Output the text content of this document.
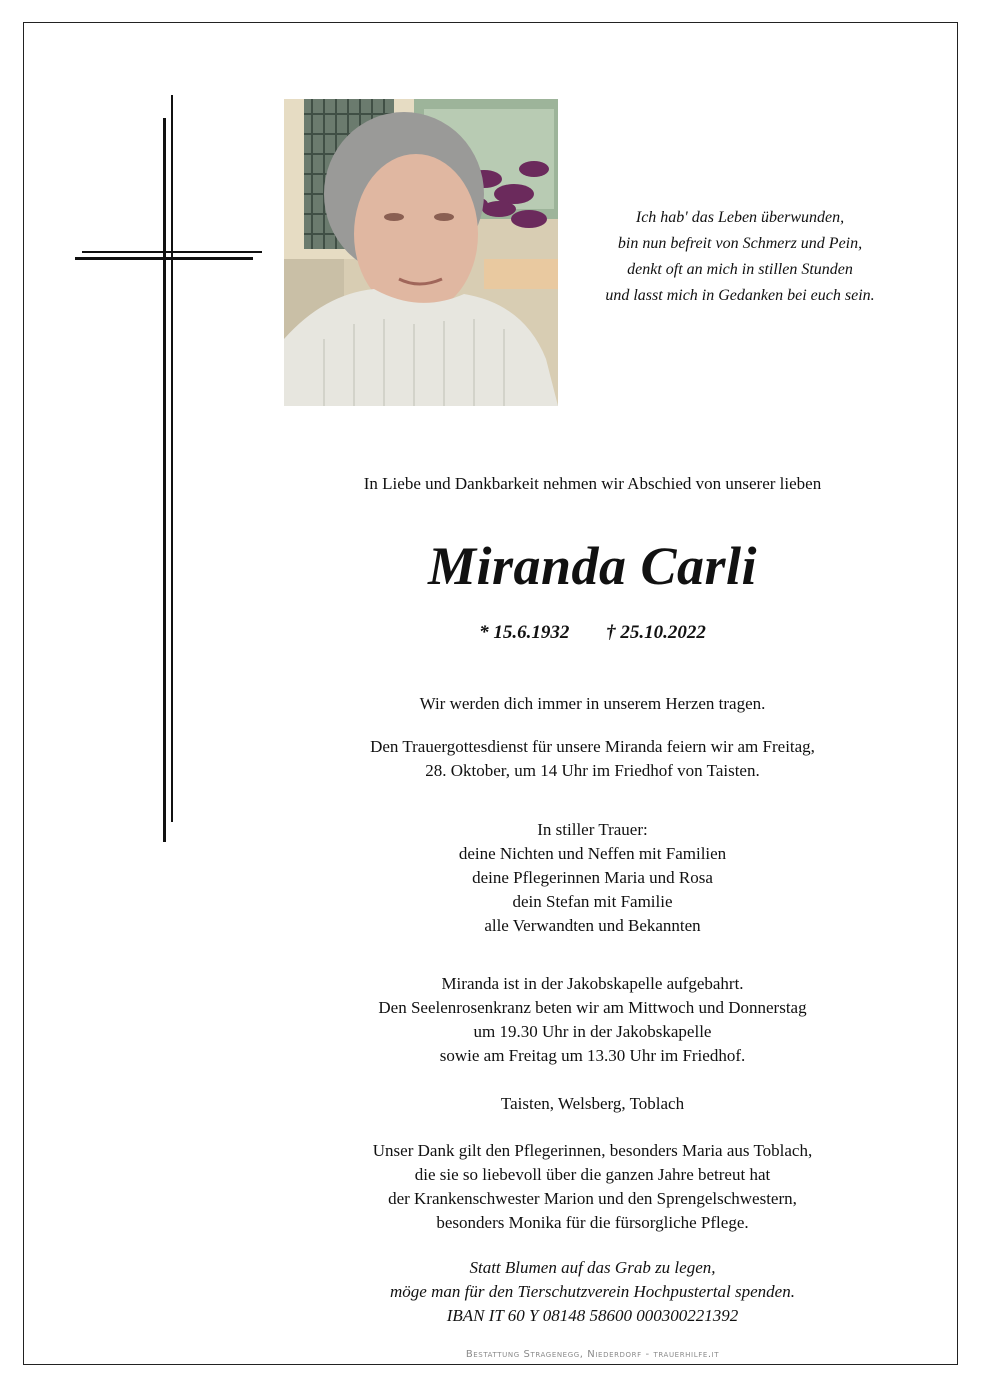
Ich hab' das Leben überwunden,
bin nun befreit von Schmerz und Pein,
denkt oft an mich in stillen Stunden
und lasst mich in Gedanken bei euch sein.
In Liebe und Dankbarkeit nehmen wir Abschied von unserer lieben
Miranda Carli
* 15.6.1932 † 25.10.2022
Wir werden dich immer in unserem Herzen tragen.
Den Trauergottesdienst für unsere Miranda feiern wir am Freitag,
28. Oktober, um 14 Uhr im Friedhof von Taisten.
In stiller Trauer:
deine Nichten und Neffen mit Familien
deine Pflegerinnen Maria und Rosa
dein Stefan mit Familie
alle Verwandten und Bekannten
Miranda ist in der Jakobskapelle aufgebahrt.
Den Seelenrosenkranz beten wir am Mittwoch und Donnerstag
um 19.30 Uhr in der Jakobskapelle
sowie am Freitag um 13.30 Uhr im Friedhof.
Taisten, Welsberg, Toblach
Unser Dank gilt den Pflegerinnen, besonders Maria aus Toblach,
die sie so liebevoll über die ganzen Jahre betreut hat
der Krankenschwester Marion und den Sprengelschwestern,
besonders Monika für die fürsorgliche Pflege.
Statt Blumen auf das Grab zu legen,
möge man für den Tierschutzverein Hochpustertal spenden.
IBAN IT 60 Y 08148 58600 000300221392
Bestattung Stragenegg, Niederdorf - trauerhilfe.it
